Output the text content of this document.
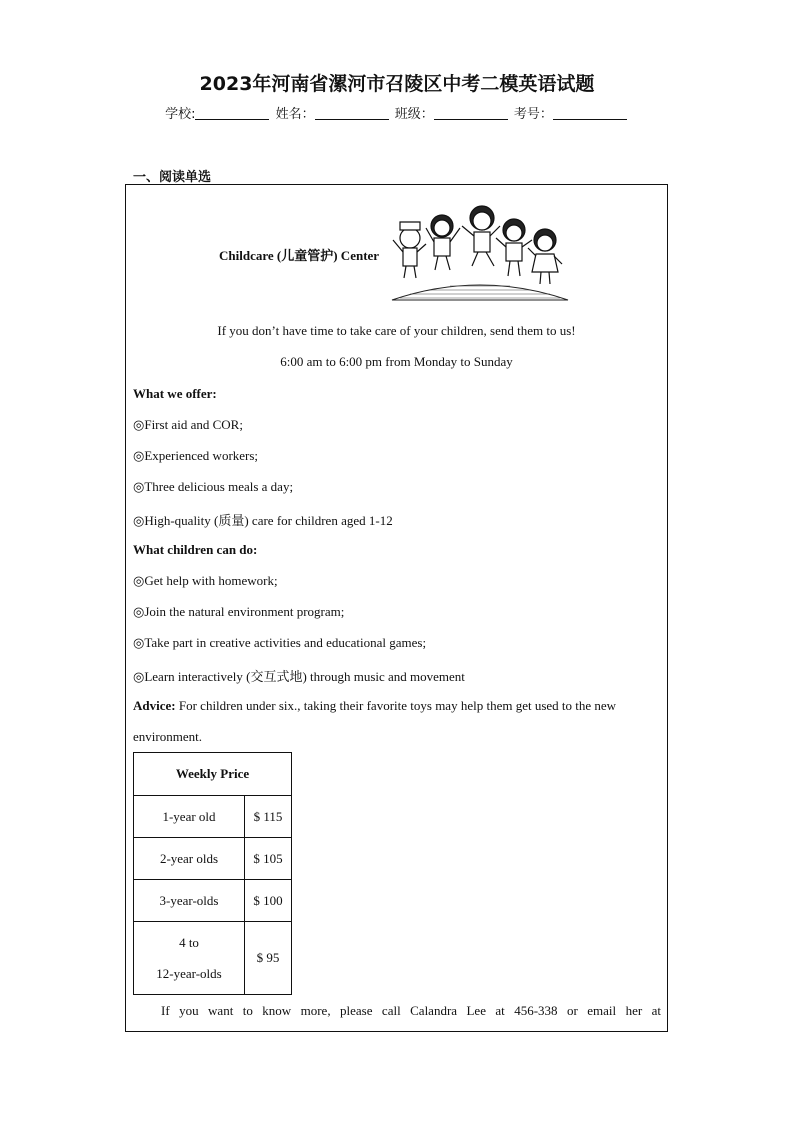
2023年河南省漯河市召陵区中考二模英语试题
学校:	姓名：	班级：	考号：
一、阅读单选
Childcare (儿童管护) Center
If you don’t have time to take care of your children, send them to us!
6:00 am to 6:00 pm from Monday to Sunday
What we offer:
◎First aid and COR;
◎Experienced workers;
◎Three delicious meals a day;
◎High-quality (质量) care for children aged 1-12
What children can do:
◎Get help with homework;
◎Join the natural environment program;
◎Take part in creative activities and educational games;
◎Learn interactively (交互式地) through music and movement
Advice: For children under six., taking their favorite toys may help them get used to the new
environment.
Weekly Price	
1-year old	$ 115
2-year olds	$ 105
3-year-olds	$ 100
4 to
12-year-olds	$ 95
If you want to know more, please call Calandra Lee at 456-338 or email her at
